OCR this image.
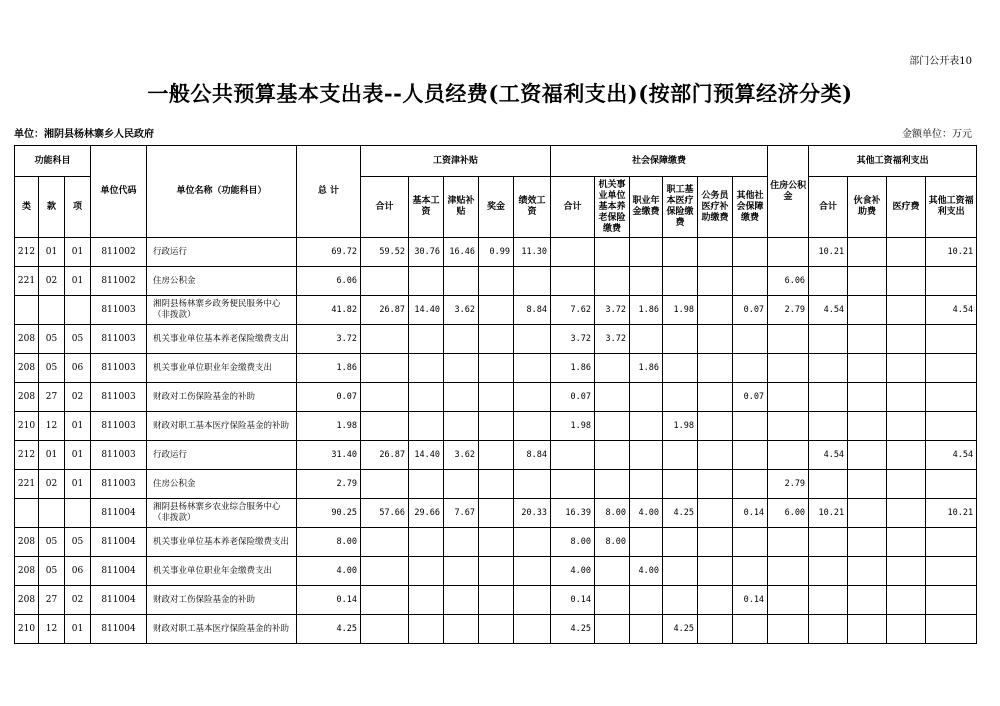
部门公开表10
一般公共预算基本支出表--人员经费(工资福利支出)(按部门预算经济分类)
单位：湘阴县杨林寨乡人民政府	金额单位：万元
功能科目			单位代码	单位名称（功能科目）	总 计	工资津补贴					社会保障缴费						住房公积金	其他工资福利支出			
类	款	项				合计	基本工资	津贴补贴	奖金	绩效工资	合计	机关事业单位基本养老保险缴费	职业年金缴费	职工基本医疗保险缴费	公务员医疗补助缴费	其他社会保障缴费		合计	伙食补助费	医疗费	其他工资福利支出
212	01	01	811002	行政运行	69.72	59.52	30.76	16.46	0.99	11.30								10.21			10.21
221	02	01	811002	住房公积金	6.06												6.06				
			811003	湘阴县杨林寨乡政务便民服务中心（非拨款）	41.82	26.87	14.40	3.62		8.84	7.62	3.72	1.86	1.98		0.07	2.79	4.54			4.54
208	05	05	811003	机关事业单位基本养老保险缴费支出	3.72						3.72	3.72									
208	05	06	811003	机关事业单位职业年金缴费支出	1.86						1.86		1.86								
208	27	02	811003	财政对工伤保险基金的补助	0.07						0.07					0.07					
210	12	01	811003	财政对职工基本医疗保险基金的补助	1.98						1.98			1.98							
212	01	01	811003	行政运行	31.40	26.87	14.40	3.62		8.84								4.54			4.54
221	02	01	811003	住房公积金	2.79												2.79				
			811004	湘阴县杨林寨乡农业综合服务中心（非拨款）	90.25	57.66	29.66	7.67		20.33	16.39	8.00	4.00	4.25		0.14	6.00	10.21			10.21
208	05	05	811004	机关事业单位基本养老保险缴费支出	8.00						8.00	8.00									
208	05	06	811004	机关事业单位职业年金缴费支出	4.00						4.00		4.00								
208	27	02	811004	财政对工伤保险基金的补助	0.14						0.14					0.14					
210	12	01	811004	财政对职工基本医疗保险基金的补助	4.25						4.25			4.25							
